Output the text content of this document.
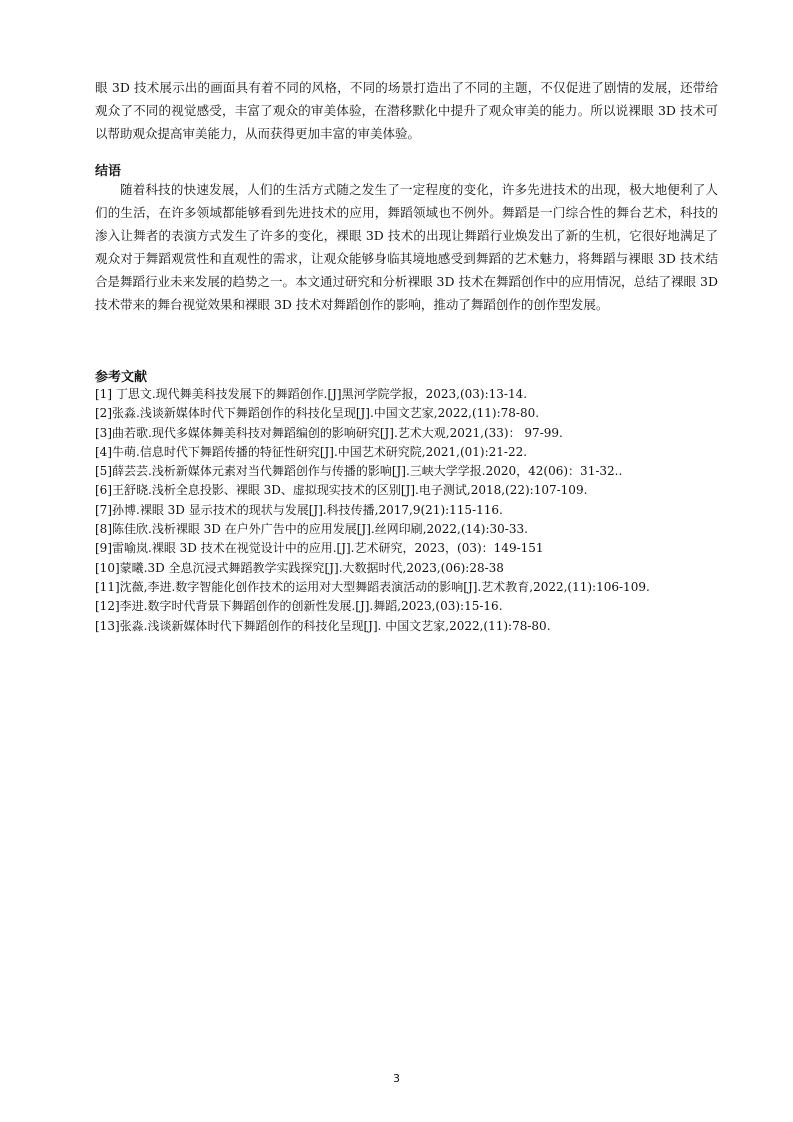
眼 3D 技术展示出的画面具有着不同的风格，不同的场景打造出了不同的主题，不仅促进了剧情的发展，还带给观众了不同的视觉感受，丰富了观众的审美体验，在潜移默化中提升了观众审美的能力。所以说裸眼 3D 技术可以帮助观众提高审美能力，从而获得更加丰富的审美体验。

结语

随着科技的快速发展，人们的生活方式随之发生了一定程度的变化，许多先进技术的出现，极大地便利了人们的生活，在许多领域都能够看到先进技术的应用，舞蹈领域也不例外。舞蹈是一门综合性的舞台艺术，科技的渗入让舞者的表演方式发生了许多的变化，裸眼 3D 技术的出现让舞蹈行业焕发出了新的生机，它很好地满足了观众对于舞蹈观赏性和直观性的需求，让观众能够身临其境地感受到舞蹈的艺术魅力，将舞蹈与裸眼 3D 技术结合是舞蹈行业未来发展的趋势之一。本文通过研究和分析裸眼 3D 技术在舞蹈创作中的应用情况，总结了裸眼 3D 技术带来的舞台视觉效果和裸眼 3D 技术对舞蹈创作的影响，推动了舞蹈创作的创作型发展。

参考文献
[1] 丁思文.现代舞美科技发展下的舞蹈创作.[J]黑河学院学报，2023,(03):13-14.
[2]张淼.浅谈新媒体时代下舞蹈创作的科技化呈现[J].中国文艺家,2022,(11):78-80.
[3]曲若歌.现代多媒体舞美科技对舞蹈编创的影响研究[J].艺术大观,2021,(33)： 97-99.
[4]牛萌.信息时代下舞蹈传播的特征性研究[J].中国艺术研究院,2021,(01):21-22.
[5]薛芸芸.浅析新媒体元素对当代舞蹈创作与传播的影响[J].三峡大学学报.2020，42(06)：31-32..
[6]王舒晓.浅析全息投影、裸眼 3D、虚拟现实技术的区别[J].电子测试,2018,(22):107-109.
[7]孙博.裸眼 3D 显示技术的现状与发展[J].科技传播,2017,9(21):115-116.
[8]陈佳欣.浅析裸眼 3D 在户外广告中的应用发展[J].丝网印刷,2022,(14):30-33.
[9]雷喻岚.裸眼 3D 技术在视觉设计中的应用.[J].艺术研究，2023，(03)：149-151
[10]蒙曦.3D 全息沉浸式舞蹈教学实践探究[J].大数据时代,2023,(06):28-38
[11]沈薇,李进.数字智能化创作技术的运用对大型舞蹈表演活动的影响[J].艺术教育,2022,(11):106-109.
[12]李进.数字时代背景下舞蹈创作的创新性发展.[J].舞蹈,2023,(03):15-16.
[13]张淼.浅谈新媒体时代下舞蹈创作的科技化呈现[J]. 中国文艺家,2022,(11):78-80.
3
